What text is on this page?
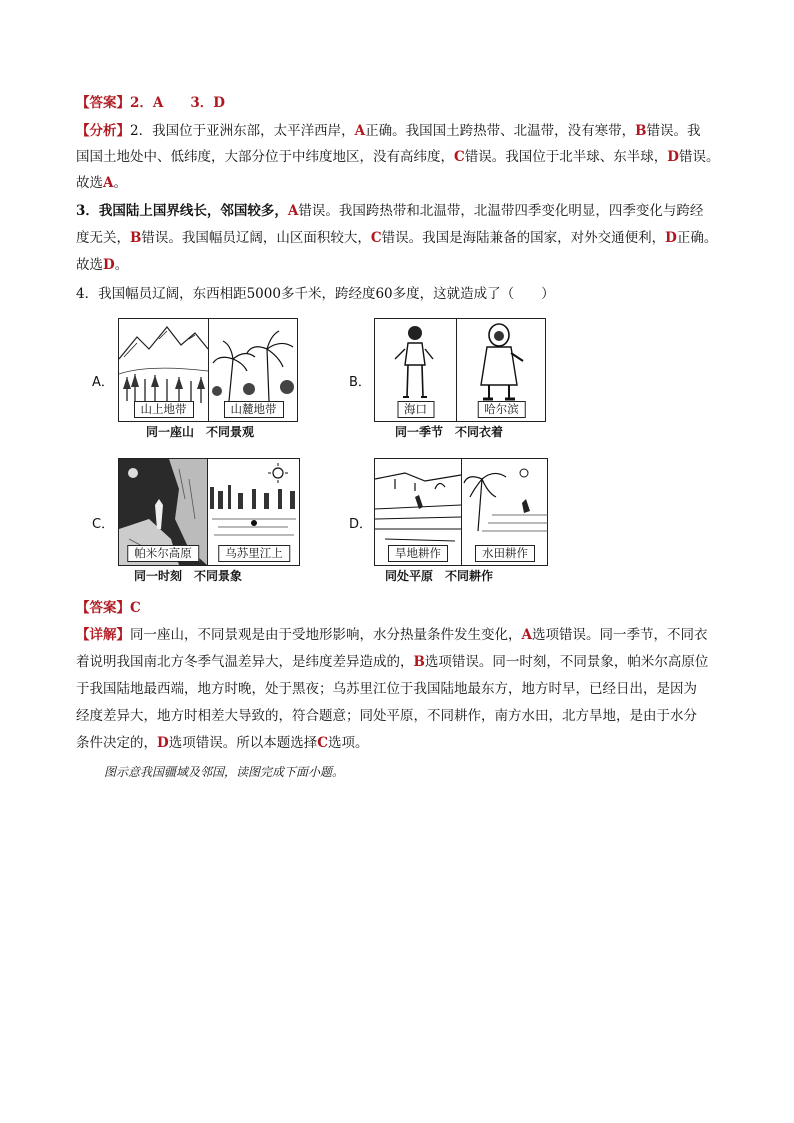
【答案】2．A　　3．D
【分析】2．我国位于亚洲东部，太平洋西岸，A正确。我国国土跨热带、北温带，没有寒带，B错误。我
国国土地处中、低纬度，大部分位于中纬度地区，没有高纬度，C错误。我国位于北半球、东半球，D错误。
故选A。
3．我国陆上国界线长，邻国较多，A错误。我国跨热带和北温带，北温带四季变化明显，四季变化与跨经
度无关，B错误。我国幅员辽阔，山区面积较大，C错误。我国是海陆兼备的国家，对外交通便利，D正确。
故选D。
4．我国幅员辽阔，东西相距5000多千米，跨经度60多度，这就造成了（　　）
A．
山上地带	山麓地带
同一座山　不同景观
B．
海口	哈尔滨
同一季节　不同衣着
C．
帕米尔高原	乌苏里江上
同一时刻　不同景象
D．
旱地耕作	水田耕作
同处平原　不同耕作
【答案】C
【详解】同一座山，不同景观是由于受地形影响，水分热量条件发生变化，A选项错误。同一季节，不同衣
着说明我国南北方冬季气温差异大，是纬度差异造成的，B选项错误。同一时刻，不同景象，帕米尔高原位
于我国陆地最西端，地方时晚，处于黑夜；乌苏里江位于我国陆地最东方，地方时早，已经日出，是因为
经度差异大，地方时相差大导致的，符合题意；同处平原，不同耕作，南方水田，北方旱地，是由于水分
条件决定的，D选项错误。所以本题选择C选项。
图示意我国疆域及邻国，读图完成下面小题。
